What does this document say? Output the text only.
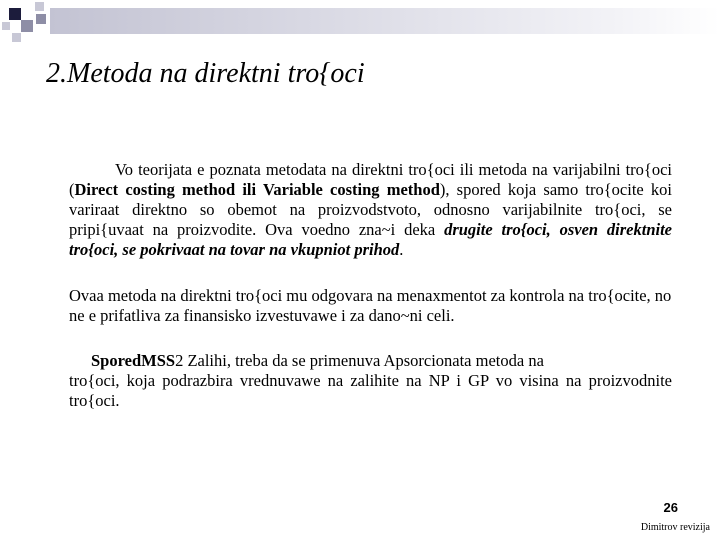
2.Metoda na direktni tro{oci

Vo teorijata e poznata metodata na direktni tro{oci ili metoda na varijabilni tro{oci (Direct costing method ili Variable costing method), spored koja samo tro{ocite koi variraat direktno so obemot na proizvodstvoto, odnosno varijabilnite tro{oci, se pripi{uvaat na proizvodite. Ova voedno zna~i deka drugite tro{oci, osven direktnite tro{oci, se pokrivaat na tovar na vkupniot prihod.

Ovaa metoda na direktni tro{oci mu odgovara na menaxmentot za kontrola na tro{ocite, no ne e prifatliva za finansisko izvestuvawe i za dano~ni celi.

SporedMSS2 Zalihi, treba da se primenuva Apsorcionata metoda na
tro{oci, koja podrazbira vrednuvawe na zalihite na NP i GP vo visina na proizvodnite tro{oci.

26

Dimitrov revizija
